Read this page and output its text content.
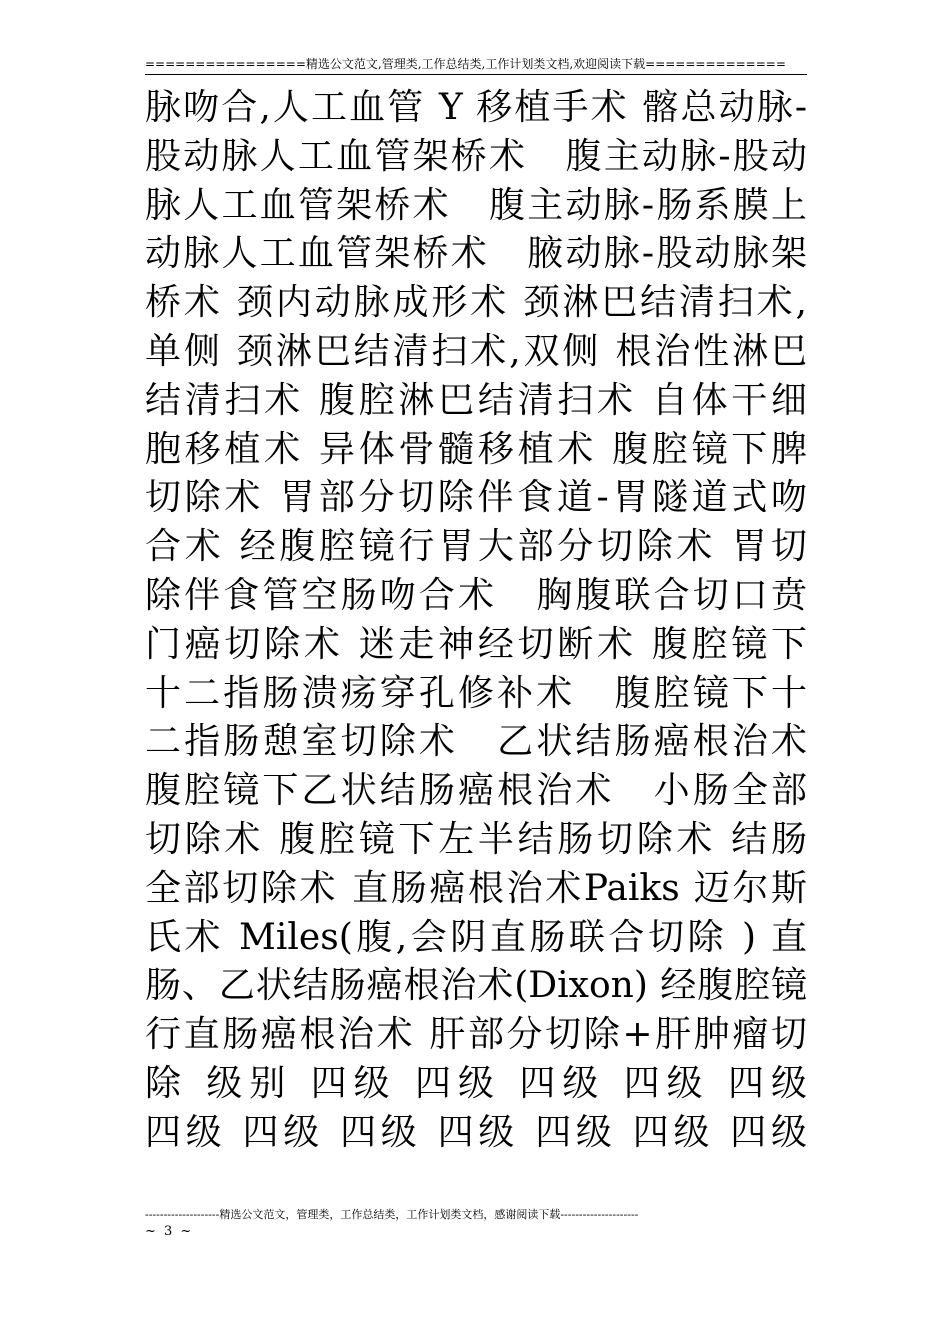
================精选公文范文,管理类,工作总结类,工作计划类文档,欢迎阅读下载==============
脉吻合,人工血管 Y 移植手术 髂总动脉-
股动脉人工血管架桥术　腹主动脉-股动
脉人工血管架桥术　腹主动脉-肠系膜上
动脉人工血管架桥术　腋动脉-股动脉架
桥术 颈内动脉成形术 颈淋巴结清扫术,
单侧 颈淋巴结清扫术,双侧 根治性淋巴
结清扫术 腹腔淋巴结清扫术 自体干细
胞移植术 异体骨髓移植术 腹腔镜下脾
切除术 胃部分切除伴食道-胃隧道式吻
合术 经腹腔镜行胃大部分切除术 胃切
除伴食管空肠吻合术　胸腹联合切口贲
门癌切除术 迷走神经切断术 腹腔镜下
十二指肠溃疡穿孔修补术　腹腔镜下十
二指肠憩室切除术　乙状结肠癌根治术
腹腔镜下乙状结肠癌根治术　小肠全部
切除术 腹腔镜下左半结肠切除术 结肠
全部切除术 直肠癌根治术Paiks 迈尔斯
氏术 Miles(腹,会阴直肠联合切除 ) 直
肠、乙状结肠癌根治术(Dixon) 经腹腔镜
行直肠癌根治术 肝部分切除+肝肿瘤切
除 级别 四级 四级 四级 四级 四级
四级 四级 四级 四级 四级 四级 四级
--------------------精选公文范文，管理类，工作总结类，工作计划类文档，感谢阅读下载---------------------
~ 3 ~
